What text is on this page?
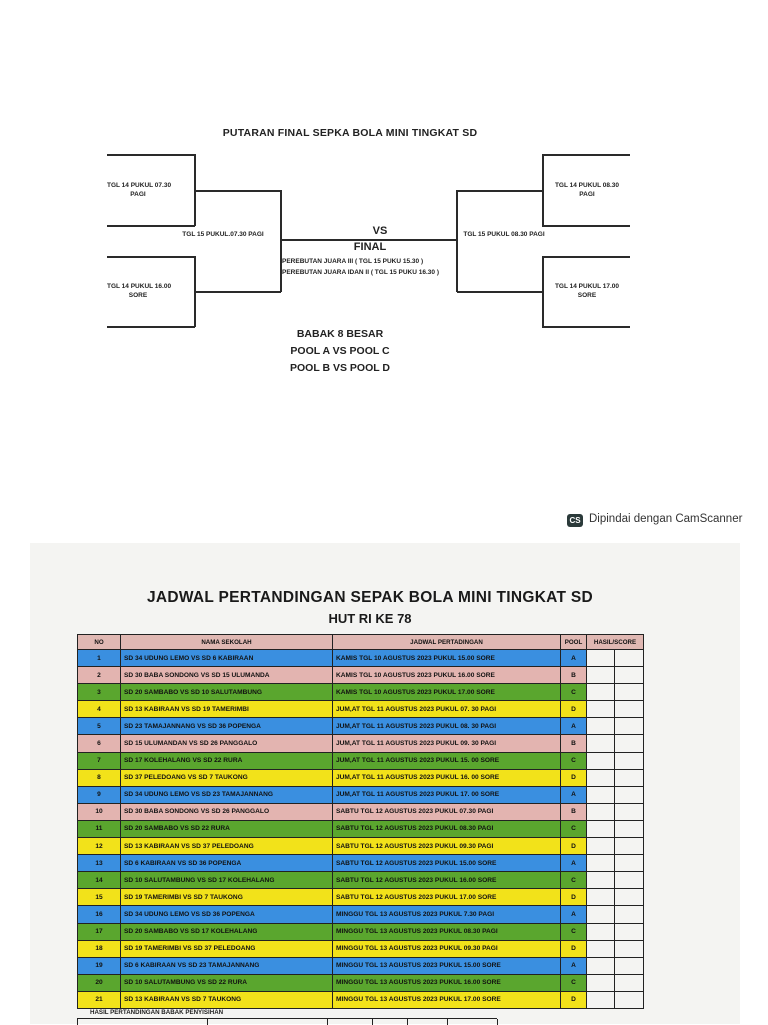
PUTARAN FINAL SEPKA BOLA MINI TINGKAT SD
TGL 14 PUKUL 07.30
PAGI
TGL 14 PUKUL 16.00
SORE
TGL 15 PUKUL.07.30 PAGI
TGL 14 PUKUL 08.30
PAGI
TGL 14 PUKUL 17.00
SORE
TGL 15 PUKUL 08.30 PAGI
VS
FINAL
PEREBUTAN JUARA III ( TGL 15 PUKU 15.30 )
PEREBUTAN JUARA IDAN II ( TGL 15 PUKU 16.30 )
BABAK 8 BESAR
POOL A VS POOL C
POOL B VS POOL D
CS Dipindai dengan CamScanner
JADWAL PERTANDINGAN SEPAK BOLA MINI TINGKAT SD
HUT RI KE 78
NO	NAMA SEKOLAH	JADWAL PERTADINGAN	POOL	HASIL/SCORE	
1	SD 34 UDUNG LEMO VS SD 6 KABIRAAN	KAMIS TGL 10 AGUSTUS 2023 PUKUL 15.00 SORE	A		
2	SD 30 BABA SONDONG VS SD 15 ULUMANDA	KAMIS TGL 10 AGUSTUS 2023 PUKUL 16.00 SORE	B		
3	SD 20 SAMBABO VS SD 10 SALUTAMBUNG	KAMIS TGL 10 AGUSTUS 2023 PUKUL 17.00 SORE	C		
4	SD 13 KABIRAAN VS SD 19 TAMERIMBI	JUM,AT TGL 11 AGUSTUS 2023 PUKUL 07. 30 PAGI	D		
5	SD 23 TAMAJANNANG VS SD 36 POPENGA	JUM,AT TGL 11 AGUSTUS 2023 PUKUL 08. 30 PAGI	A		
6	SD 15 ULUMANDAN VS SD 26 PANGGALO	JUM,AT TGL 11 AGUSTUS 2023 PUKUL 09. 30 PAGI	B		
7	SD 17 KOLEHALANG VS SD 22 RURA	JUM,AT TGL 11 AGUSTUS 2023 PUKUL 15. 00 SORE	C		
8	SD 37 PELEDOANG VS SD 7 TAUKONG	JUM,AT TGL 11 AGUSTUS 2023 PUKUL 16. 00 SORE	D		
9	SD 34 UDUNG LEMO VS SD 23 TAMAJANNANG	JUM,AT TGL 11 AGUSTUS 2023 PUKUL 17. 00 SORE	A		
10	SD 30 BABA SONDONG VS SD 26 PANGGALO	SABTU TGL 12 AGUSTUS 2023 PUKUL 07.30 PAGI	B		
11	SD 20 SAMBABO VS SD 22 RURA	SABTU TGL 12 AGUSTUS 2023 PUKUL 08.30 PAGI	C		
12	SD 13 KABIRAAN VS SD 37 PELEDOANG	SABTU TGL 12 AGUSTUS 2023 PUKUL 09.30 PAGI	D		
13	SD 6 KABIRAAN VS SD 36 POPENGA	SABTU TGL 12 AGUSTUS 2023 PUKUL 15.00 SORE	A		
14	SD 10 SALUTAMBUNG VS SD 17 KOLEHALANG	SABTU TGL 12 AGUSTUS 2023 PUKUL 16.00 SORE	C		
15	SD 19 TAMERIMBI VS SD 7 TAUKONG	SABTU TGL 12 AGUSTUS 2023 PUKUL 17.00 SORE	D		
16	SD 34 UDUNG LEMO VS SD 36 POPENGA	MINGGU TGL 13 AGUSTUS 2023 PUKUL 7.30 PAGI	A		
17	SD 20 SAMBABO VS SD 17 KOLEHALANG	MINGGU TGL 13 AGUSTUS 2023 PUKUL 08.30 PAGI	C		
18	SD 19 TAMERIMBI VS SD 37 PELEDOANG	MINGGU TGL 13 AGUSTUS 2023 PUKUL 09.30 PAGI	D		
19	SD 6 KABIRAAN VS SD 23 TAMAJANNANG	MINGGU TGL 13 AGUSTUS 2023 PUKUL 15.00 SORE	A		
20	SD 10 SALUTAMBUNG VS SD 22 RURA	MINGGU TGL 13 AGUSTUS 2023 PUKUL 16.00 SORE	C		
21	SD 13 KABIRAAN VS SD 7 TAUKONG	MINGGU TGL 13 AGUSTUS 2023 PUKUL 17.00 SORE	D		
HASIL PERTANDINGAN BABAK PENYISIHAN
